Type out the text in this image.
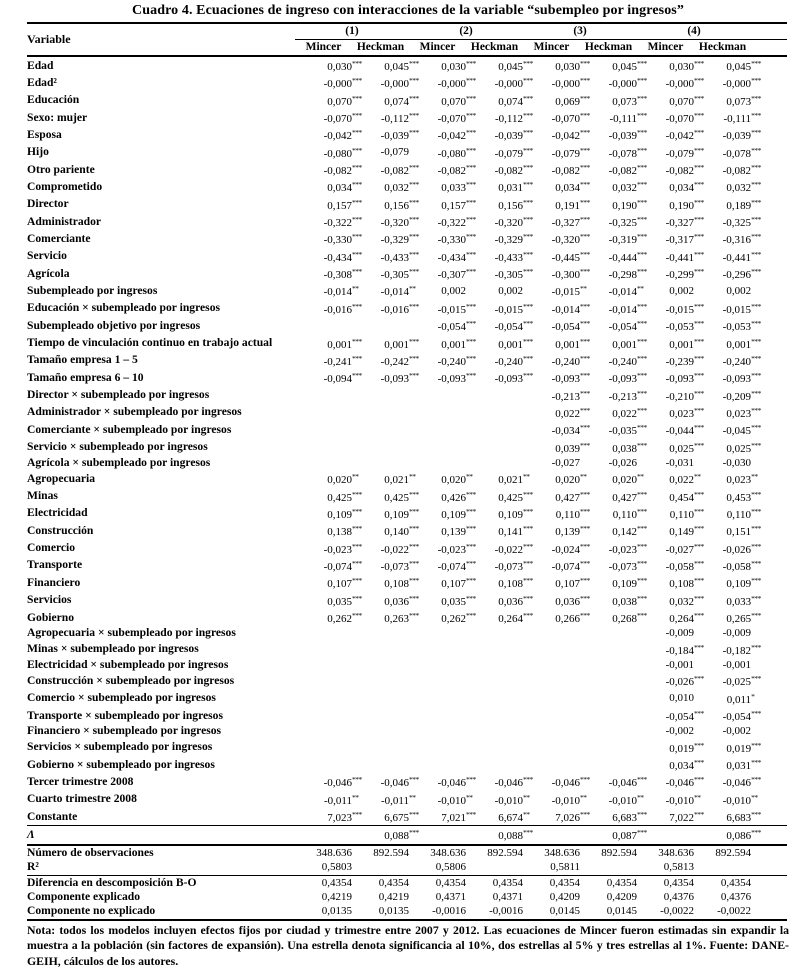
Cuadro 4. Ecuaciones de ingreso con interacciones de la variable “subempleo por ingresos”
Variable	(1)		(2)		(3)		(4)		
	Mincer	Heckman	Mincer	Heckman	Mincer	Heckman	Mincer	Heckman	
Edad	0,030***	0,045***	0,030***	0,045***	0,030***	0,045***	0,030***	0,045***	
Edad²	-0,000***	-0,000***	-0,000***	-0,000***	-0,000***	-0,000***	-0,000***	-0,000***	
Educación	0,070***	0,074***	0,070***	0,074***	0,069***	0,073***	0,070***	0,073***	
Sexo: mujer	-0,070***	-0,112***	-0,070***	-0,112***	-0,070***	-0,111***	-0,070***	-0,111***	
Esposa	-0,042***	-0,039***	-0,042***	-0,039***	-0,042***	-0,039***	-0,042***	-0,039***	
Hijo	-0,080***	-0,079	-0,080***	-0,079***	-0,079***	-0,078***	-0,079***	-0,078***	
Otro pariente	-0,082***	-0,082***	-0,082***	-0,082***	-0,082***	-0,082***	-0,082***	-0,082***	
Comprometido	0,034***	0,032***	0,033***	0,031***	0,034***	0,032***	0,034***	0,032***	
Director	0,157***	0,156***	0,157***	0,156***	0,191***	0,190***	0,190***	0,189***	
Administrador	-0,322***	-0,320***	-0,322***	-0,320***	-0,327***	-0,325***	-0,327***	-0,325***	
Comerciante	-0,330***	-0,329***	-0,330***	-0,329***	-0,320***	-0,319***	-0,317***	-0,316***	
Servicio	-0,434***	-0,433***	-0,434***	-0,433***	-0,445***	-0,444***	-0,441***	-0,441***	
Agrícola	-0,308***	-0,305***	-0,307***	-0,305***	-0,300***	-0,298***	-0,299***	-0,296***	
Subempleado por ingresos	-0,014**	-0,014**	0,002	0,002	-0,015**	-0,014**	0,002	0,002	
Educación × subempleado por ingresos	-0,016***	-0,016***	-0,015***	-0,015***	-0,014***	-0,014***	-0,015***	-0,015***	
Subempleado objetivo por ingresos			-0,054***	-0,054***	-0,054***	-0,054***	-0,053***	-0,053***	
Tiempo de vinculación continuo en trabajo actual	0,001***	0,001***	0,001***	0,001***	0,001***	0,001***	0,001***	0,001***	
Tamaño empresa 1 – 5	-0,241***	-0,242***	-0,240***	-0,240***	-0,240***	-0,240***	-0,239***	-0,240***	
Tamaño empresa 6 – 10	-0,094***	-0,093***	-0,093***	-0,093***	-0,093***	-0,093***	-0,093***	-0,093***	
Director × subempleado por ingresos					-0,213***	-0,213***	-0,210***	-0,209***	
Administrador × subempleado por ingresos					0,022***	0,022***	0,023***	0,023***	
Comerciante × subempleado por ingresos					-0,034***	-0,035***	-0,044***	-0,045***	
Servicio × subempleado por ingresos					0,039***	0,038***	0,025***	0,025***	
Agrícola × subempleado por ingresos					-0,027	-0,026	-0,031	-0,030	
Agropecuaria	0,020**	0,021**	0,020**	0,021**	0,020**	0,020**	0,022**	0,023**	
Minas	0,425***	0,425***	0,426***	0,425***	0,427***	0,427***	0,454***	0,453***	
Electricidad	0,109***	0,109***	0,109***	0,109***	0,110***	0,110***	0,110***	0,110***	
Construcción	0,138***	0,140***	0,139***	0,141***	0,139***	0,142***	0,149***	0,151***	
Comercio	-0,023***	-0,022***	-0,023***	-0,022***	-0,024***	-0,023***	-0,027***	-0,026***	
Transporte	-0,074***	-0,073***	-0,074***	-0,073***	-0,074***	-0,073***	-0,058***	-0,058***	
Financiero	0,107***	0,108***	0,107***	0,108***	0,107***	0,109***	0,108***	0,109***	
Servicios	0,035***	0,036***	0,035***	0,036***	0,036***	0,038***	0,032***	0,033***	
Gobierno	0,262***	0,263***	0,262***	0,264***	0,266***	0,268***	0,264***	0,265***	
Agropecuaria × subempleado por ingresos							-0,009	-0,009	
Minas × subempleado por ingresos							-0,184***	-0,182***	
Electricidad × subempleado por ingresos							-0,001	-0,001	
Construcción × subempleado por ingresos							-0,026***	-0,025***	
Comercio × subempleado por ingresos							0,010	0,011*	
Transporte × subempleado por ingresos							-0,054***	-0,054***	
Financiero × subempleado por ingresos							-0,002	-0,002	
Servicios × subempleado por ingresos							0,019***	0,019***	
Gobierno × subempleado por ingresos							0,034***	0,031***	
Tercer trimestre 2008	-0,046***	-0,046***	-0,046***	-0,046***	-0,046***	-0,046***	-0,046***	-0,046***	
Cuarto trimestre 2008	-0,011**	-0,011**	-0,010**	-0,010**	-0,010**	-0,010**	-0,010**	-0,010**	
Constante	7,023***	6,675***	7,021***	6,674**	7,026***	6,683***	7,022***	6,683***	
Λ		0,088***		0,088***		0,087***		0,086***	
Número de observaciones	348.636	892.594	348.636	892.594	348.636	892.594	348.636	892.594	
R²	0,5803		0,5806		0,5811		0,5813		
Diferencia en descomposición B-O	0,4354	0,4354	0,4354	0,4354	0,4354	0,4354	0,4354	0,4354	
Componente explicado	0,4219	0,4219	0,4371	0,4371	0,4209	0,4209	0,4376	0,4376	
Componente no explicado	0,0135	0,0135	-0,0016	-0,0016	0,0145	0,0145	-0,0022	-0,0022	
Nota: todos los modelos incluyen efectos fijos por ciudad y trimestre entre 2007 y 2012. Las ecuaciones de Mincer fueron estimadas sin expandir la muestra a la población (sin factores de expansión). Una estrella denota significancia al 10%, dos estrellas al 5% y tres estrellas al 1%. Fuente: DANE-GEIH, cálculos de los autores.
